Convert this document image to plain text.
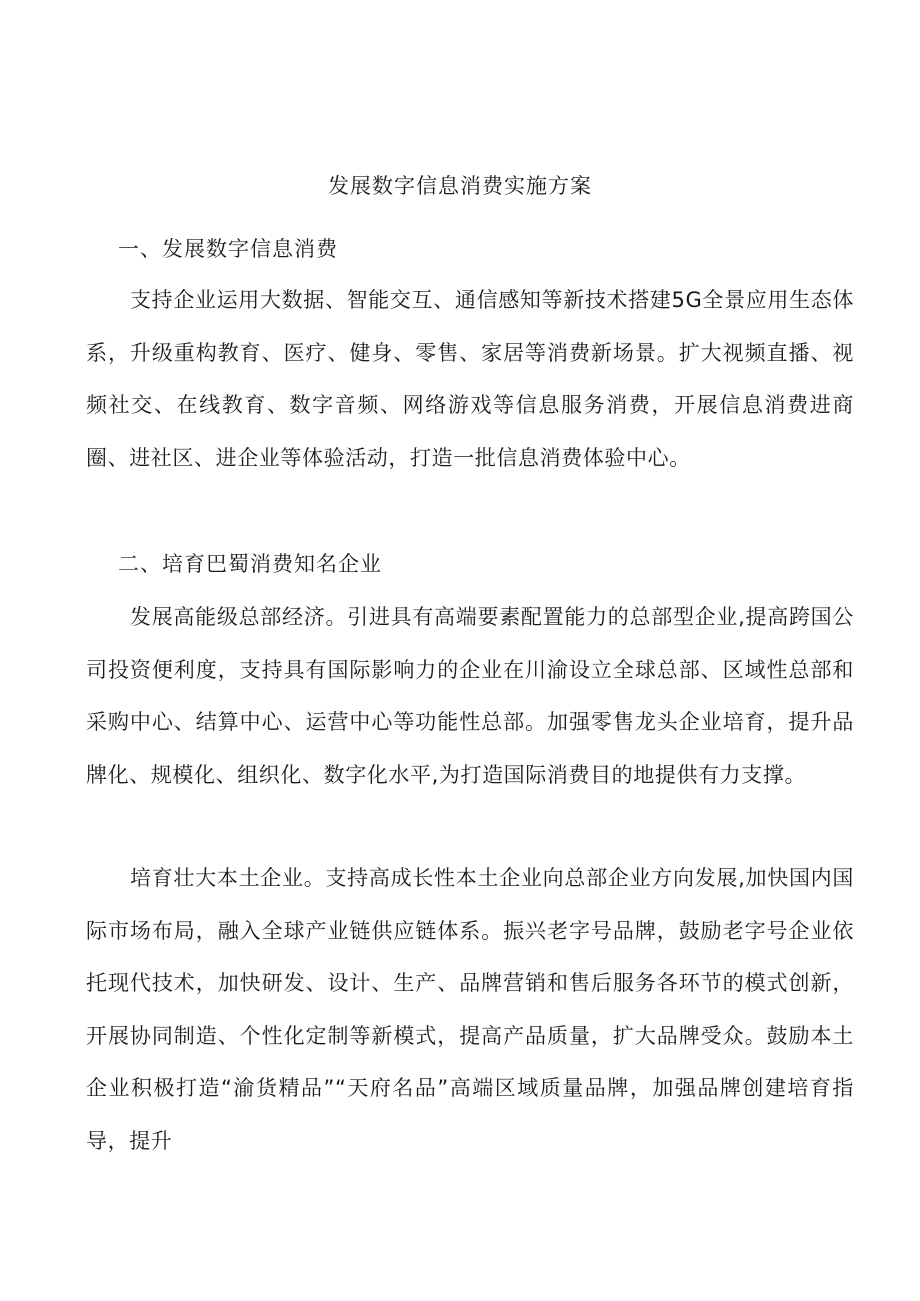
发展数字信息消费实施方案
一、发展数字信息消费
支持企业运用大数据、智能交互、通信感知等新技术搭建5G全景应用生态体系，升级重构教育、医疗、健身、零售、家居等消费新场景。扩大视频直播、视频社交、在线教育、数字音频、网络游戏等信息服务消费，开展信息消费进商圈、进社区、进企业等体验活动，打造一批信息消费体验中心。
二、培育巴蜀消费知名企业
发展高能级总部经济。引进具有高端要素配置能力的总部型企业,提高跨国公司投资便利度，支持具有国际影响力的企业在川渝设立全球总部、区域性总部和采购中心、结算中心、运营中心等功能性总部。加强零售龙头企业培育，提升品牌化、规模化、组织化、数字化水平,为打造国际消费目的地提供有力支撑。
培育壮大本土企业。支持高成长性本土企业向总部企业方向发展,加快国内国际市场布局，融入全球产业链供应链体系。振兴老字号品牌，鼓励老字号企业依托现代技术，加快研发、设计、生产、品牌营销和售后服务各环节的模式创新，开展协同制造、个性化定制等新模式，提高产品质量，扩大品牌受众。鼓励本土企业积极打造“渝货精品”“天府名品”高端区域质量品牌，加强品牌创建培育指导，提升
